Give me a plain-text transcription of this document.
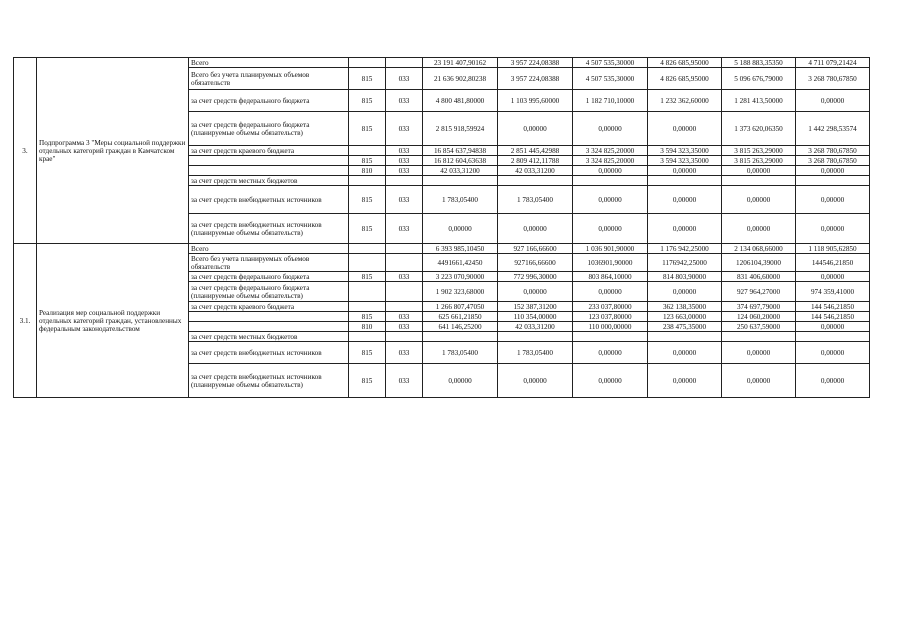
3.	Подпрограмма 3 "Меры социальной поддержки отдельных категорий граждан в Камчатском крае"	Всего			23 191 407,90162	3 957 224,08388	4 507 535,30000	4 826 685,95000	5 188 883,35350	4 711 079,21424
		Всего без учета планируемых объемов обязательств	815	033	21 636 902,80238	3 957 224,08388	4 507 535,30000	4 826 685,95000	5 096 676,79000	3 268 780,67850
		за счет средств федерального бюджета	815	033	4 800 481,80000	1 103 995,60000	1 182 710,10000	1 232 362,60000	1 281 413,50000	0,00000
		за счет средств федерального бюджета (планируемые объемы обязательств)	815	033	2 815 918,59924	0,00000	0,00000	0,00000	1 373 620,06350	1 442 298,53574
		за счет средств краевого бюджета		033	16 854 637,94838	2 851 445,42988	3 324 825,20000	3 594 323,35000	3 815 263,29000	3 268 780,67850
			815	033	16 812 604,63638	2 809 412,11788	3 324 825,20000	3 594 323,35000	3 815 263,29000	3 268 780,67850
			810	033	42 033,31200	42 033,31200	0,00000	0,00000	0,00000	0,00000
		за счет средств местных бюджетов								
		за счет средств внебюджетных источников	815	033	1 783,05400	1 783,05400	0,00000	0,00000	0,00000	0,00000
		за счет средств внебюджетных источников (планируемые объемы обязательств)	815	033	0,00000	0,00000	0,00000	0,00000	0,00000	0,00000
3.1.	Реализация мер социальной поддержки отдельных категорий граждан, установленных федеральным законодательством	Всего			6 393 985,10450	927 166,66600	1 036 901,90000	1 176 942,25000	2 134 068,66000	1 118 905,62850
		Всего без учета планируемых объемов обязательств			4491661,42450	927166,66600	1036901,90000	1176942,25000	1206104,39000	144546,21850
		за счет средств федерального бюджета	815	033	3 223 070,90000	772 996,30000	803 864,10000	814 803,90000	831 406,60000	0,00000
		за счет средств федерального бюджета (планируемые объемы обязательств)			1 902 323,68000	0,00000	0,00000	0,00000	927 964,27000	974 359,41000
		за счет средств краевого бюджета			1 266 807,47050	152 387,31200	233 037,80000	362 138,35000	374 697,79000	144 546,21850
			815	033	625 661,21850	110 354,00000	123 037,80000	123 663,00000	124 060,20000	144 546,21850
			810	033	641 146,25200	42 033,31200	110 000,00000	238 475,35000	250 637,59000	0,00000
		за счет средств местных бюджетов								
		за счет средств внебюджетных источников	815	033	1 783,05400	1 783,05400	0,00000	0,00000	0,00000	0,00000
		за счет средств внебюджетных источников (планируемые объемы обязательств)	815	033	0,00000	0,00000	0,00000	0,00000	0,00000	0,00000
